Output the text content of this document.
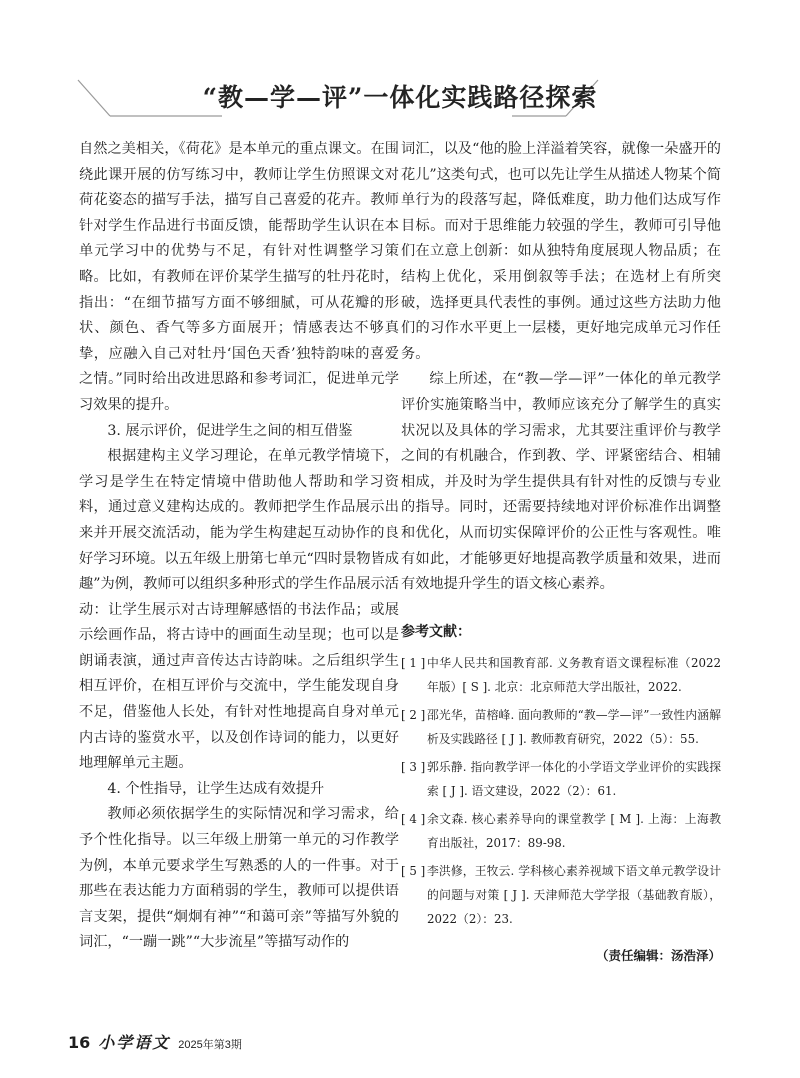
“教—学—评”一体化实践路径探索

自然之美相关，《荷花》是本单元的重点课文。在围绕此课开展的仿写练习中，教师让学生仿照课文对荷花姿态的描写手法，描写自己喜爱的花卉。教师针对学生作品进行书面反馈，能帮助学生认识在本单元学习中的优势与不足，有针对性调整学习策略。比如，有教师在评价某学生描写的牡丹花时，指出：“在细节描写方面不够细腻，可从花瓣的形状、颜色、香气等多方面展开；情感表达不够真挚，应融入自己对牡丹‘国色天香’独特韵味的喜爱之情。”同时给出改进思路和参考词汇，促进单元学习效果的提升。

3. 展示评价，促进学生之间的相互借鉴

根据建构主义学习理论，在单元教学情境下，学习是学生在特定情境中借助他人帮助和学习资料，通过意义建构达成的。教师把学生作品展示出来并开展交流活动，能为学生构建起互动协作的良好学习环境。以五年级上册第七单元“四时景物皆成趣”为例，教师可以组织多种形式的学生作品展示活动：让学生展示对古诗理解感悟的书法作品；或展示绘画作品，将古诗中的画面生动呈现；也可以是朗诵表演，通过声音传达古诗韵味。之后组织学生相互评价，在相互评价与交流中，学生能发现自身不足，借鉴他人长处，有针对性地提高自身对单元内古诗的鉴赏水平，以及创作诗词的能力，以更好地理解单元主题。

4. 个性指导，让学生达成有效提升

教师必须依据学生的实际情况和学习需求，给予个性化指导。以三年级上册第一单元的习作教学为例，本单元要求学生写熟悉的人的一件事。对于那些在表达能力方面稍弱的学生，教师可以提供语言支架，提供“炯炯有神”“和蔼可亲”等描写外貌的词汇，“一蹦一跳”“大步流星”等描写动作的

词汇，以及“他的脸上洋溢着笑容，就像一朵盛开的花儿”这类句式，也可以先让学生从描述人物某个简单行为的段落写起，降低难度，助力他们达成写作目标。而对于思维能力较强的学生，教师可引导他们在立意上创新：如从独特角度展现人物品质；在结构上优化，采用倒叙等手法；在选材上有所突破，选择更具代表性的事例。通过这些方法助力他们的习作水平更上一层楼，更好地完成单元习作任务。

综上所述，在“教—学—评”一体化的单元教学评价实施策略当中，教师应该充分了解学生的真实状况以及具体的学习需求，尤其要注重评价与教学之间的有机融合，作到教、学、评紧密结合、相辅相成，并及时为学生提供具有针对性的反馈与专业的指导。同时，还需要持续地对评价标准作出调整和优化，从而切实保障评价的公正性与客观性。唯有如此，才能够更好地提高教学质量和效果，进而有效地提升学生的语文核心素养。

参考文献：
[ 1 ] 中华人民共和国教育部. 义务教育语文课程标准（2022年版）[ S ]. 北京：北京师范大学出版社，2022.
[ 2 ] 邵光华，苗榕峰. 面向教师的“教—学—评”一致性内涵解析及实践路径 [ J ]. 教师教育研究，2022（5）：55.
[ 3 ] 郭乐静. 指向教学评一体化的小学语文学业评价的实践探索 [ J ]. 语文建设，2022（2）：61.
[ 4 ] 余文森. 核心素养导向的课堂教学 [ M ]. 上海：上海教育出版社，2017：89-98.
[ 5 ] 李洪修，王牧云. 学科核心素养视域下语文单元教学设计的问题与对策 [ J ]. 天津师范大学学报（基础教育版），2022（2）：23.
（责任编辑：汤浩泽）
16 小学语文 2025年第3期
